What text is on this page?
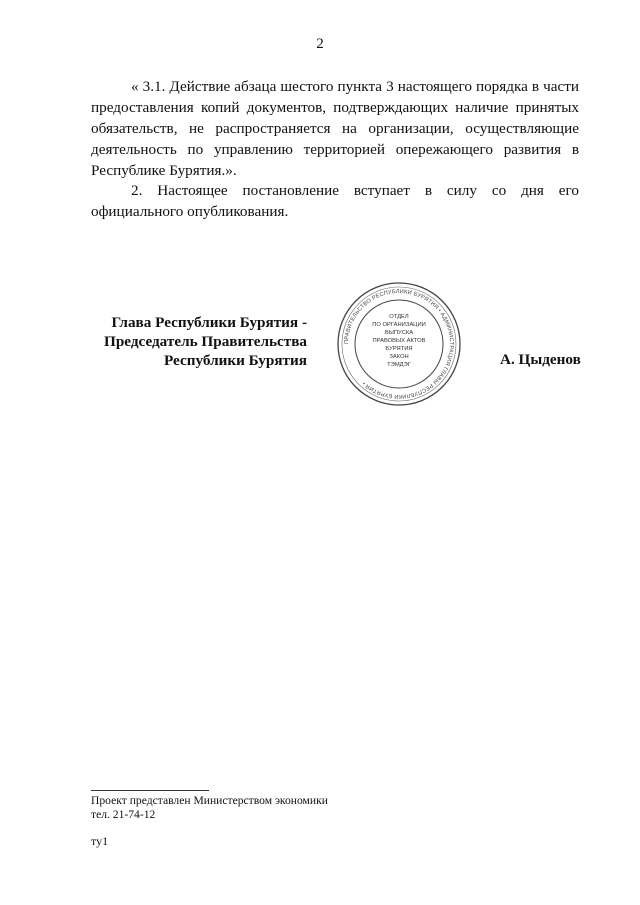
2

« 3.1. Действие абзаца шестого пункта 3 настоящего порядка в части предоставления копий документов, подтверждающих наличие принятых обязательств, не распространяется на организации, осуществляющие деятельность по управлению территорией опережающего развития в Республике Бурятия.».

2. Настоящее постановление вступает в силу со дня его официального опубликования.

Глава Республики Бурятия -
Председатель Правительства
Республики Бурятия
ПРАВИТЕЛЬСТВО РЕСПУБЛИКИ БУРЯТИЯ • АДМИНИСТРАЦИЯ ГЛАВЫ РЕСПУБЛИКИ БУРЯТИЯ •
ОТДЕЛ
ПО ОРГАНИЗАЦИИ
ВЫПУСКА
ПРАВОВЫХ АКТОВ
БУРЯТИЯ
ЗАКОН
ТЭМДЭГ	А. Цыденов
Проект представлен Министерством экономики
тел. 21-74-12
ту1
